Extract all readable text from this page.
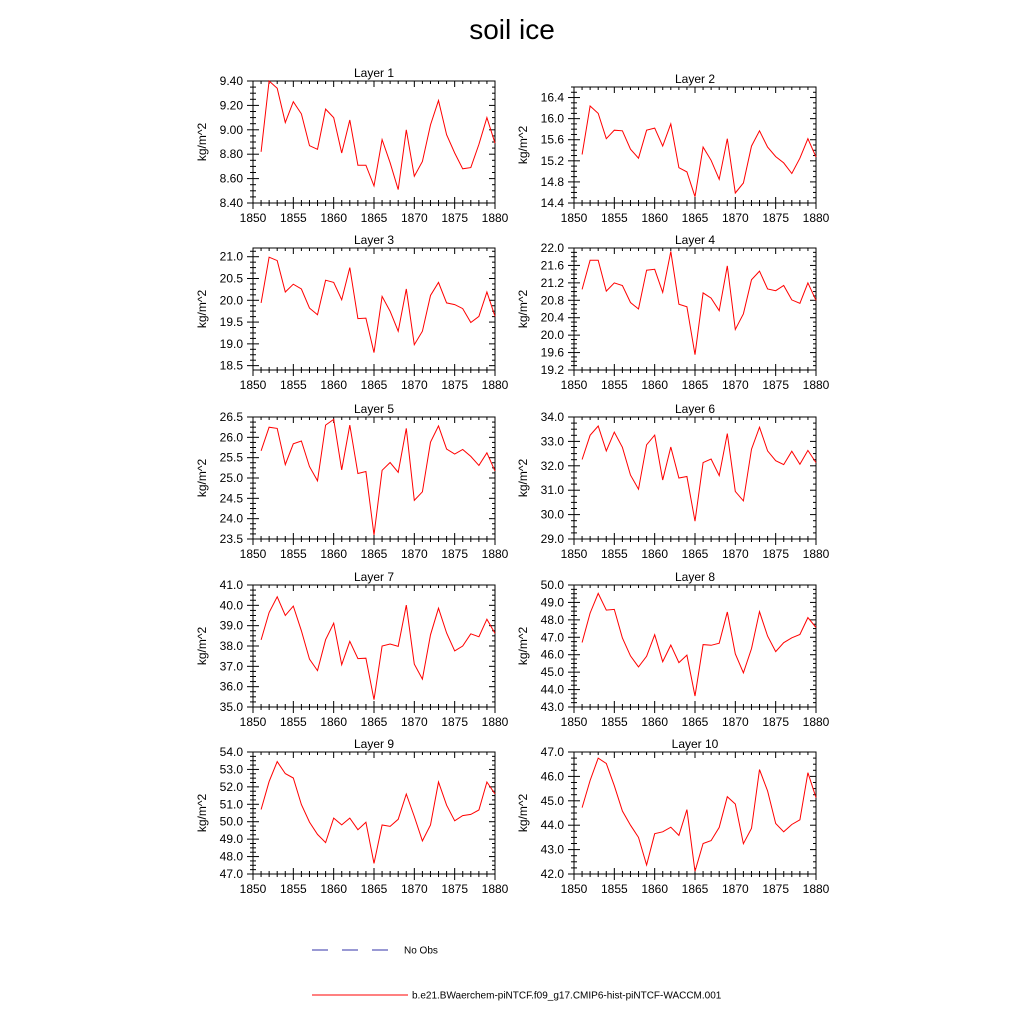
soil ice
Layer 1
kg/m^2
1850 1855 1860 1865 1870 1875 1880
8.40
8.60
8.80
9.00
9.20
9.40	Layer 2
kg/m^2
1850 1855 1860 1865 1870 1875 1880
14.4
14.8
15.2
15.6
16.0
16.4
Layer 3
kg/m^2
1850 1855 1860 1865 1870 1875 1880
18.5
19.0
19.5
20.0
20.5
21.0
Layer 4
kg/m^2
1850 1855 1860 1865 1870 1875 1880
19.2
19.6
20.0
20.4
20.8
21.2
21.6
22.0
Layer 5
kg/m^2
1850 1855 1860 1865 1870 1875 1880
23.5
24.0
24.5
25.0
25.5
26.0
26.5
Layer 6
kg/m^2
1850 1855 1860 1865 1870 1875 1880
29.0
30.0
31.0
32.0
33.0
34.0
Layer 7
kg/m^2
1850 1855 1860 1865 1870 1875 1880
35.0
36.0
37.0
38.0
39.0
40.0
41.0
Layer 8
kg/m^2
1850 1855 1860 1865 1870 1875 1880
43.0
44.0
45.0
46.0
47.0
48.0
49.0
50.0
Layer 9
kg/m^2
1850 1855 1860 1865 1870 1875 1880
47.0
48.0
49.0
50.0
51.0
52.0
53.0
54.0
Layer 10
kg/m^2
1850 1855 1860 1865 1870 1875 1880
42.0
43.0
44.0
45.0
46.0
47.0
No Obs
b.e21.BWaerchem-piNTCF.f09_g17.CMIP6-hist-piNTCF-WACCM.001
